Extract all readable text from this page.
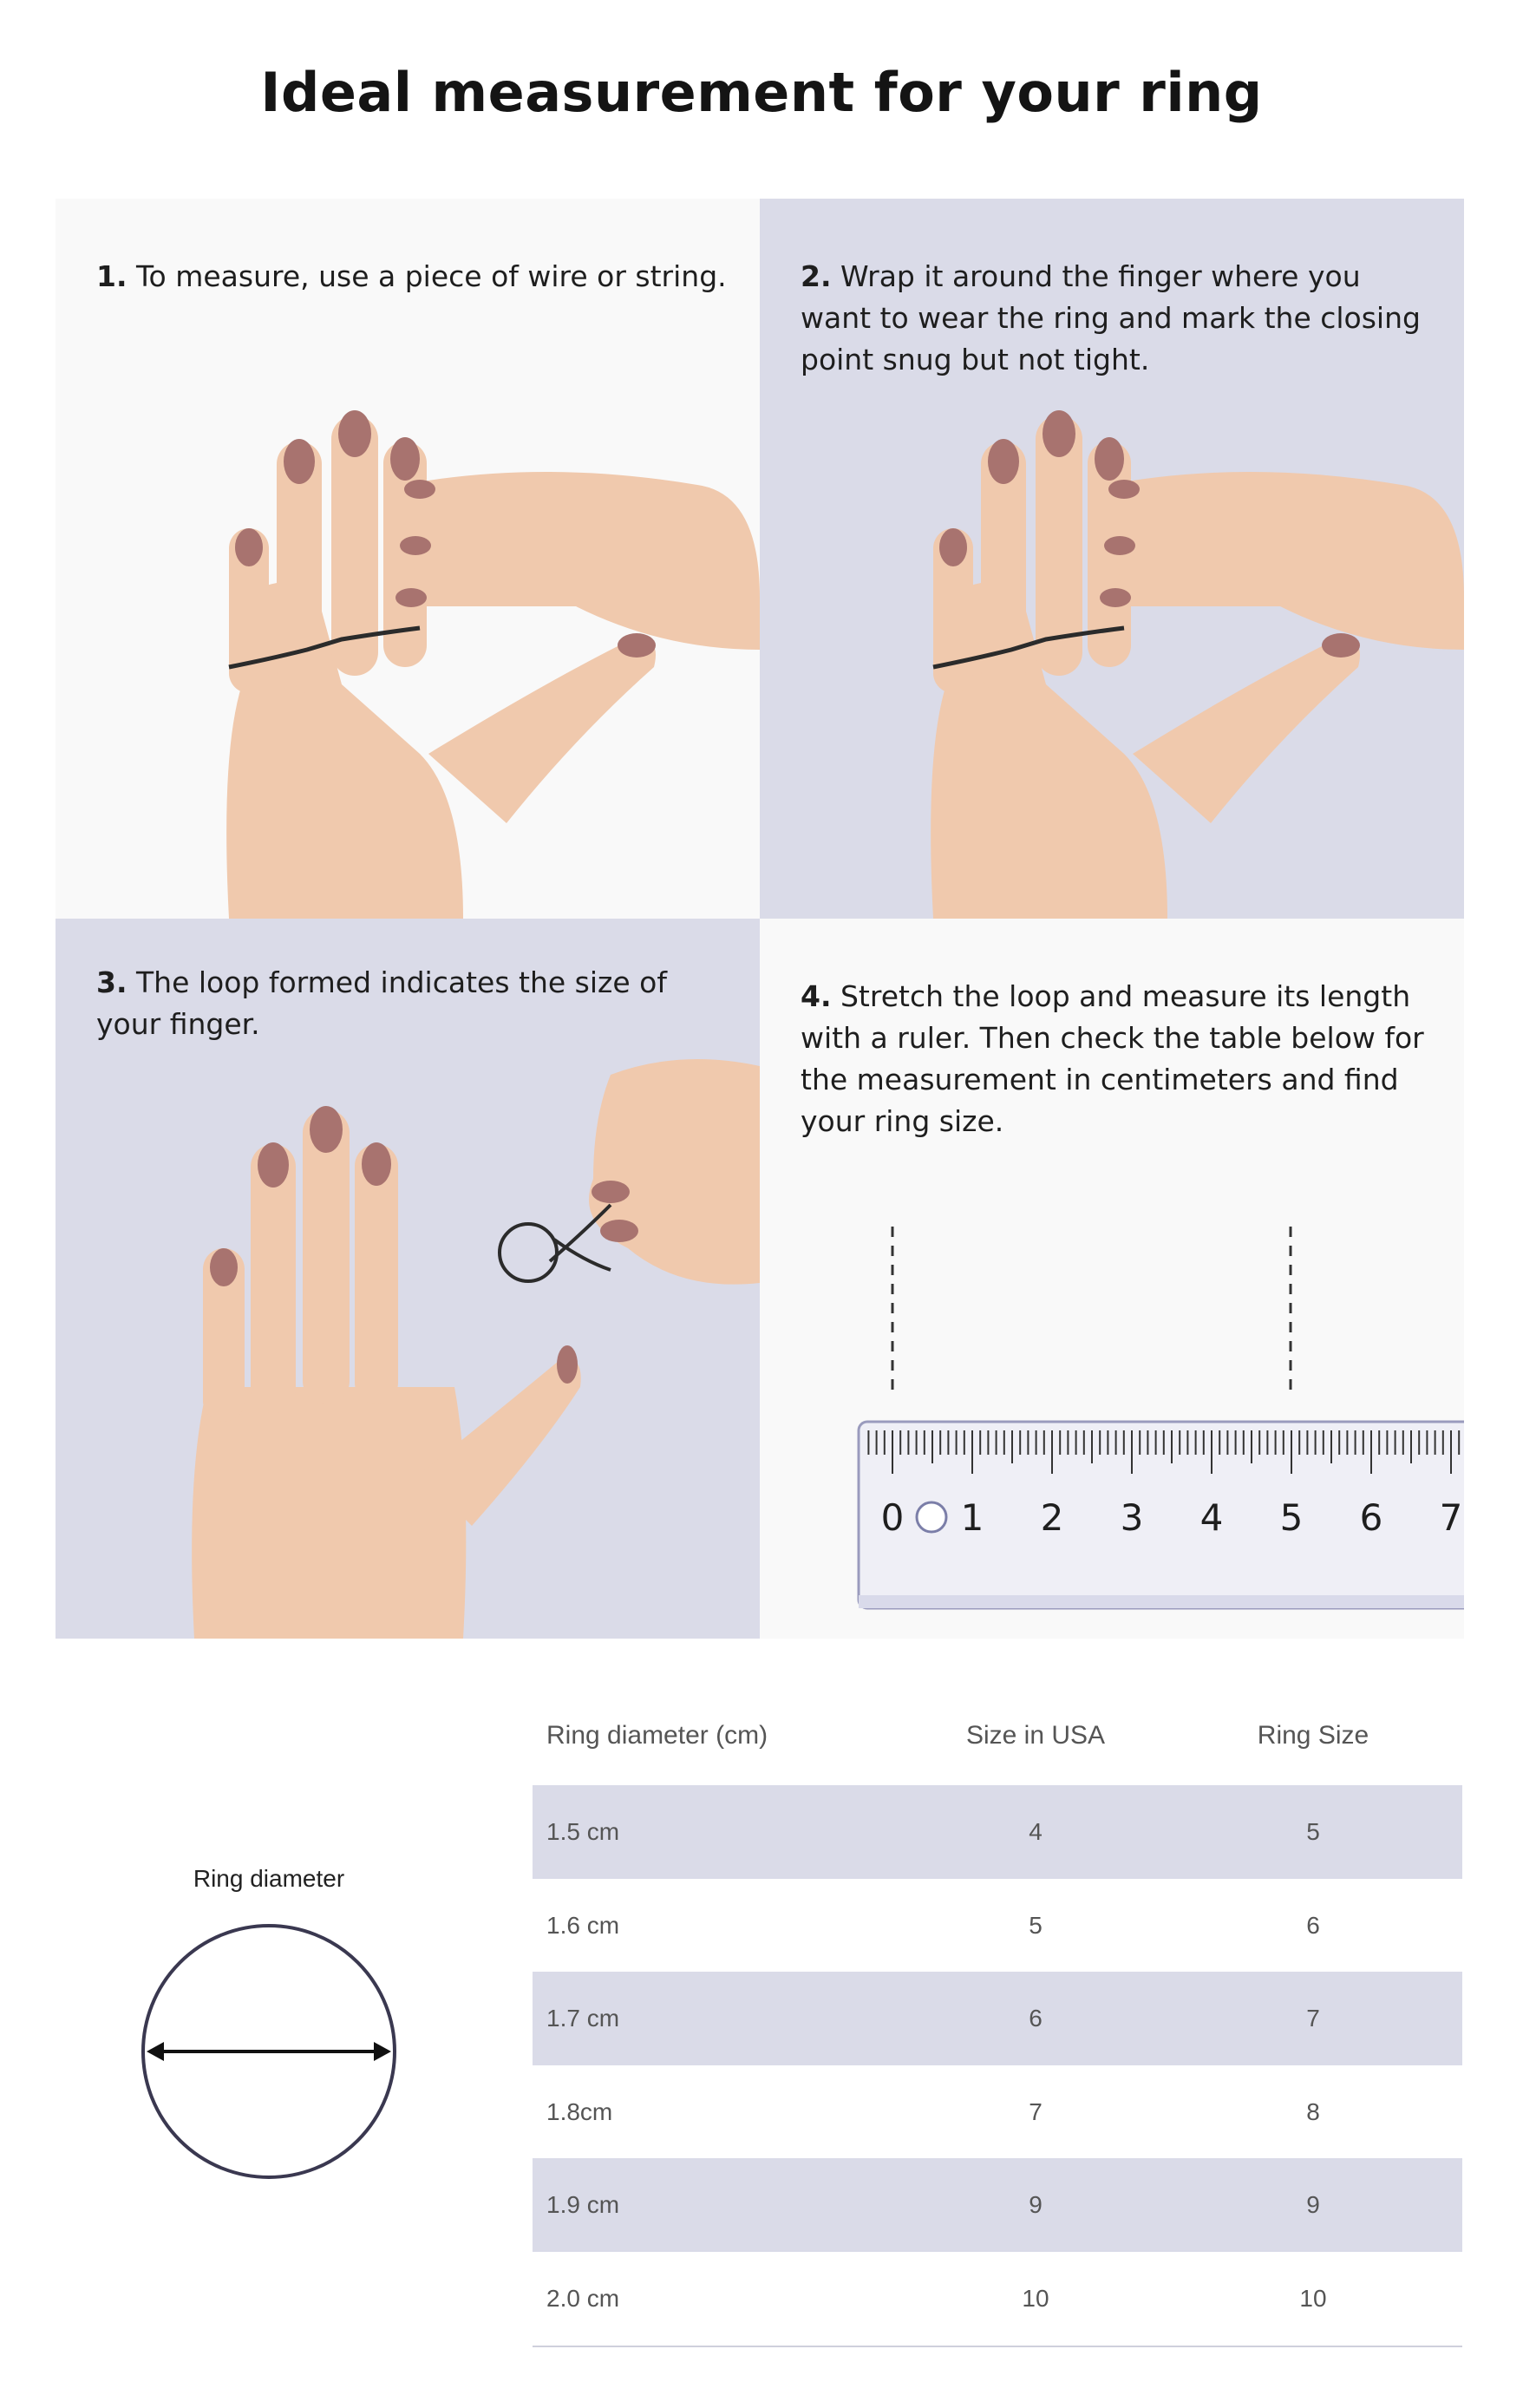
Ideal measurement for your ring
1. To measure, use a piece of wire or string.	2. Wrap it around the finger where you want to wear the ring and mark the closing point snug but not tight.
3. The loop formed indicates the size of your finger.
4. Stretch the loop and measure its length with a ruler. Then check the table below for the measurement in centimeters and find your ring size.
0 1 2 3 4 5 6 7
Ring diameter
Ring diameter (cm)	Size in USA	Ring Size
1.5 cm	4	5
1.6 cm	5	6
1.7 cm	6	7
1.8cm	7	8
1.9 cm	9	9
2.0 cm	10	10
